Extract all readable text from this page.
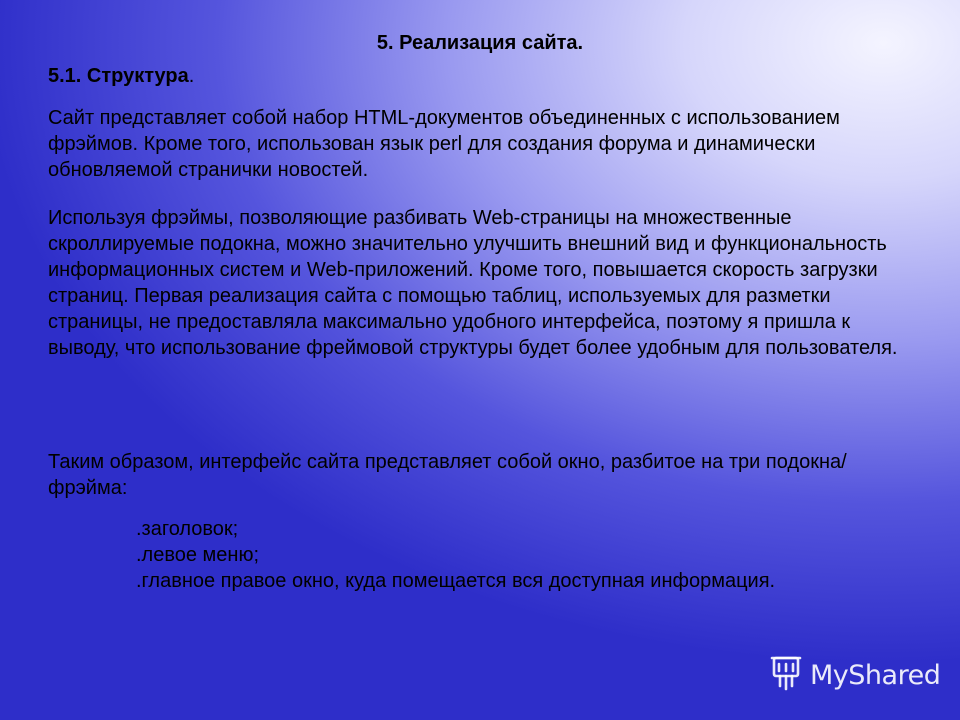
5. Реализация сайта.

5.1. Структура.

Сайт представляет собой набор HTML-документов объединенных с использованием фрэймов. Кроме того, использован язык perl для создания форума и динамически обновляемой странички новостей.

Используя фрэймы, позволяющие разбивать Web-страницы на множественные скроллируемые подокна, можно значительно улучшить внешний вид и функциональность информационных систем и Web-приложений. Кроме того, повышается скорость загрузки страниц. Первая реализация сайта с помощью таблиц, используемых для разметки страницы, не предоставляла максимально удобного интерфейса, поэтому я пришла к выводу, что использование фреймовой структуры будет более удобным для пользователя.

Таким образом, интерфейс сайта представляет собой окно, разбитое на три подокна/фрэйма:

.заголовок;
.левое меню;
.главное правое окно, куда помещается вся доступная информация.
MyShared
